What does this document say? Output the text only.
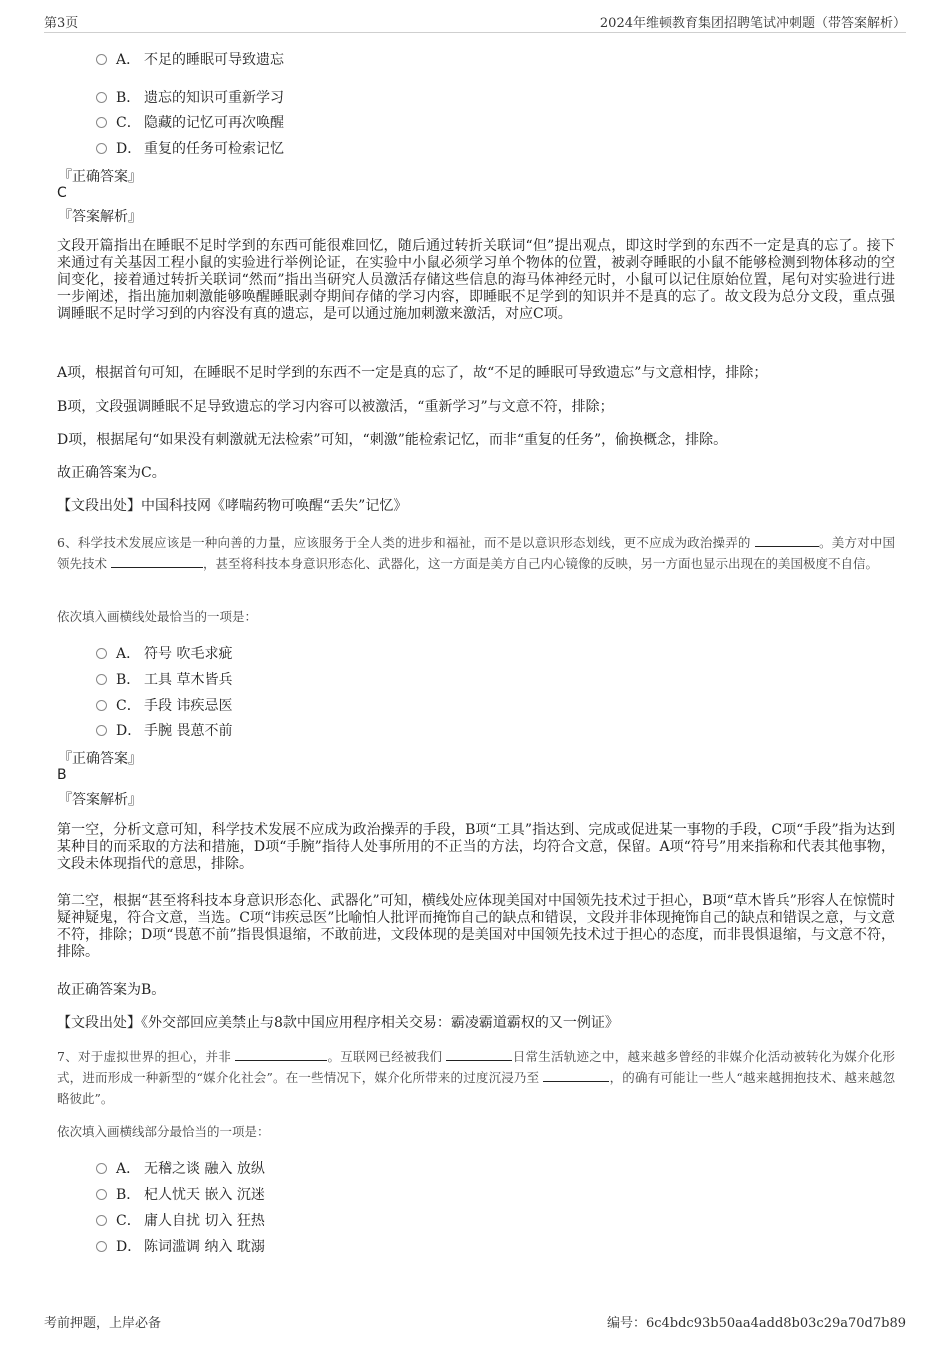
第3页	2024年维顿教育集团招聘笔试冲刺题（带答案解析）
A． 不足的睡眠可导致遗忘
B． 遗忘的知识可重新学习
C． 隐藏的记忆可再次唤醒
D． 重复的任务可检索记忆
『正确答案』
C
『答案解析』
文段开篇指出在睡眠不足时学到的东西可能很难回忆，随后通过转折关联词“但”提出观点，即这时学到的东西不一定是真的忘了。接下来通过有关基因工程小鼠的实验进行举例论证，在实验中小鼠必须学习单个物体的位置，被剥夺睡眠的小鼠不能够检测到物体移动的空间变化，接着通过转折关联词“然而”指出当研究人员激活存储这些信息的海马体神经元时，小鼠可以记住原始位置，尾句对实验进行进一步阐述，指出施加刺激能够唤醒睡眠剥夺期间存储的学习内容，即睡眠不足学到的知识并不是真的忘了。故文段为总分文段，重点强调睡眠不足时学习到的内容没有真的遗忘，是可以通过施加刺激来激活，对应C项。
A项，根据首句可知，在睡眠不足时学到的东西不一定是真的忘了，故“不足的睡眠可导致遗忘”与文意相悖，排除；
B项，文段强调睡眠不足导致遗忘的学习内容可以被激活，“重新学习”与文意不符，排除；
D项，根据尾句“如果没有刺激就无法检索”可知，“刺激”能检索记忆，而非“重复的任务”，偷换概念，排除。
故正确答案为C。
【文段出处】中国科技网《哮喘药物可唤醒“丢失”记忆》
6、科学技术发展应该是一种向善的力量，应该服务于全人类的进步和福祉，而不是以意识形态划线，更不应成为政治操弄的	。美方对中国领先技术	，甚至将科技本身意识形态化、武器化，这一方面是美方自己内心镜像的反映，另一方面也显示出现在的美国极度不自信。
依次填入画横线处最恰当的一项是：
A． 符号 吹毛求疵
B． 工具 草木皆兵
C． 手段 讳疾忌医
D． 手腕 畏葸不前
『正确答案』
B
『答案解析』
第一空，分析文意可知，科学技术发展不应成为政治操弄的手段，B项“工具”指达到、完成或促进某一事物的手段，C项“手段”指为达到某种目的而采取的方法和措施，D项“手腕”指待人处事所用的不正当的方法，均符合文意，保留。A项“符号”用来指称和代表其他事物，文段未体现指代的意思，排除。
第二空，根据“甚至将科技本身意识形态化、武器化”可知，横线处应体现美国对中国领先技术过于担心，B项“草木皆兵”形容人在惊慌时疑神疑鬼，符合文意，当选。C项“讳疾忌医”比喻怕人批评而掩饰自己的缺点和错误，文段并非体现掩饰自己的缺点和错误之意，与文意不符，排除；D项“畏葸不前”指畏惧退缩，不敢前进，文段体现的是美国对中国领先技术过于担心的态度，而非畏惧退缩，与文意不符，排除。
故正确答案为B。
【文段出处】《外交部回应美禁止与8款中国应用程序相关交易：霸凌霸道霸权的又一例证》
7、对于虚拟世界的担心，并非	。互联网已经被我们	日常生活轨迹之中，越来越多曾经的非媒介化活动被转化为媒介化形式，进而形成一种新型的“媒介化社会”。在一些情况下，媒介化所带来的过度沉浸乃至	，的确有可能让一些人“越来越拥抱技术、越来越忽略彼此”。
依次填入画横线部分最恰当的一项是：
A． 无稽之谈 融入 放纵
B． 杞人忧天 嵌入 沉迷
C． 庸人自扰 切入 狂热
D． 陈词滥调 纳入 耽溺
考前押题，上岸必备	编号：6c4bdc93b50aa4add8b03c29a70d7b89
